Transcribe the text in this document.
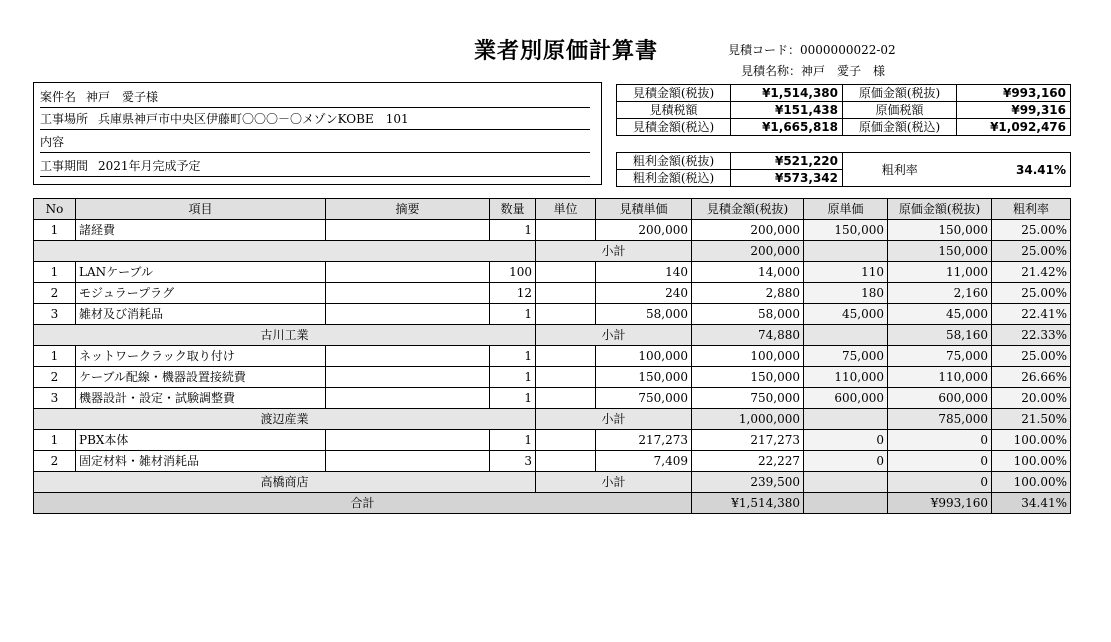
業者別原価計算書	見積コード：0000000022-02
見積名称：神戸　愛子　様
案件名 神戸　愛子様
工事場所 兵庫県神戸市中央区伊藤町〇〇〇－〇メゾンKOBE　101
内容
工事期間 2021年月完成予定
見積金額(税抜)	¥1,514,380	原価金額(税抜)	¥993,160
見積税額	¥151,438	原価税額	¥99,316
見積金額(税込)	¥1,665,818	原価金額(税込)	¥1,092,476
粗利金額(税抜)	¥521,220	粗利率	34.41%
粗利金額(税込)	¥573,342		
No	項目	摘要	数量	単位	見積単価	見積金額(税抜)	原単価	原価金額(税抜)	粗利率
1	諸経費		1		200,000	200,000	150,000	150,000	25.00%
				小計		200,000		150,000	25.00%
1	LANケーブル		100		140	14,000	110	11,000	21.42%
2	モジュラープラグ		12		240	2,880	180	2,160	25.00%
3	雑材及び消耗品		1		58,000	58,000	45,000	45,000	22.41%
古川工業				小計		74,880		58,160	22.33%
1	ネットワークラック取り付け		1		100,000	100,000	75,000	75,000	25.00%
2	ケーブル配線・機器設置接続費		1		150,000	150,000	110,000	110,000	26.66%
3	機器設計・設定・試験調整費		1		750,000	750,000	600,000	600,000	20.00%
渡辺産業				小計		1,000,000		785,000	21.50%
1	PBX本体		1		217,273	217,273	0	0	100.00%
2	固定材料・雑材消耗品		3		7,409	22,227	0	0	100.00%
高橋商店				小計		239,500		0	100.00%
合計						¥1,514,380		¥993,160	34.41%
